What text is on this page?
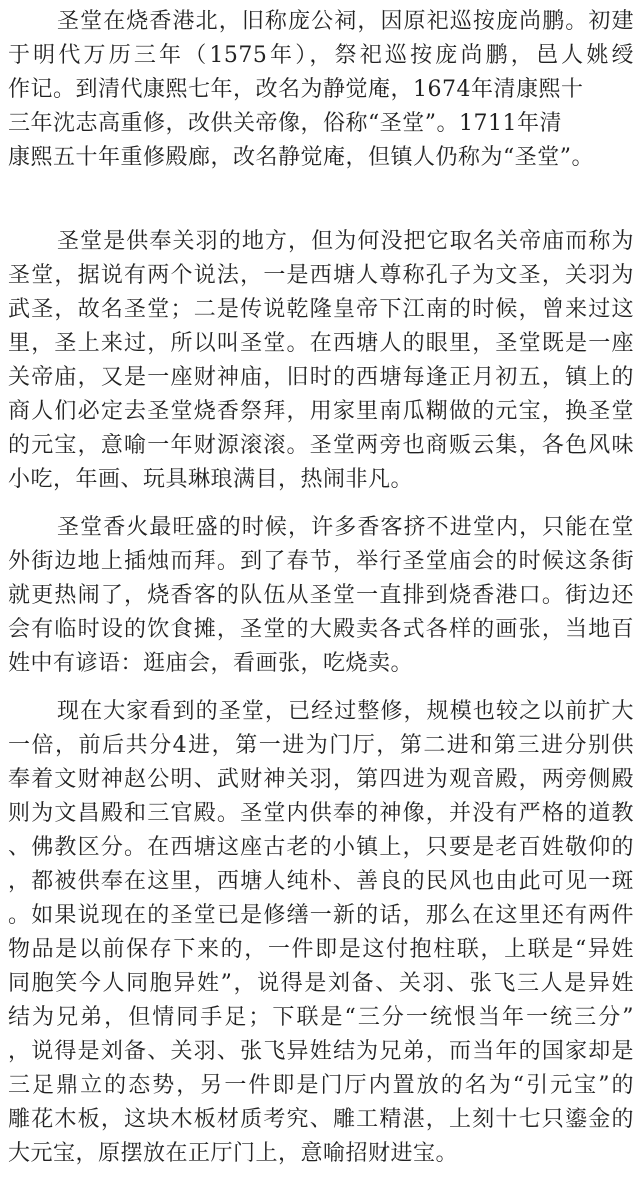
圣堂在烧香港北，旧称庞公祠，因原祀巡按庞尚鹏。初建
于明代万历三年（1575年），祭祀巡按庞尚鹏，邑人姚绶
作记。到清代康熙七年，改名为静觉庵，1674年清康熙十
三年沈志高重修，改供关帝像，俗称“圣堂”。1711年清
康熙五十年重修殿廊，改名静觉庵，但镇人仍称为“圣堂”。
圣堂是供奉关羽的地方，但为何没把它取名关帝庙而称为
圣堂，据说有两个说法，一是西塘人尊称孔子为文圣，关羽为
武圣，故名圣堂；二是传说乾隆皇帝下江南的时候，曾来过这
里，圣上来过，所以叫圣堂。在西塘人的眼里，圣堂既是一座
关帝庙，又是一座财神庙，旧时的西塘每逢正月初五，镇上的
商人们必定去圣堂烧香祭拜，用家里南瓜糊做的元宝，换圣堂
的元宝，意喻一年财源滚滚。圣堂两旁也商贩云集，各色风味
小吃，年画、玩具琳琅满目，热闹非凡。
圣堂香火最旺盛的时候，许多香客挤不进堂内，只能在堂
外街边地上插烛而拜。到了春节，举行圣堂庙会的时候这条街
就更热闹了，烧香客的队伍从圣堂一直排到烧香港口。街边还
会有临时设的饮食摊，圣堂的大殿卖各式各样的画张，当地百
姓中有谚语：逛庙会，看画张，吃烧卖。
现在大家看到的圣堂，已经过整修，规模也较之以前扩大
一倍，前后共分4进，第一进为门厅，第二进和第三进分别供
奉着文财神赵公明、武财神关羽，第四进为观音殿，两旁侧殿
则为文昌殿和三官殿。圣堂内供奉的神像，并没有严格的道教
、佛教区分。在西塘这座古老的小镇上，只要是老百姓敬仰的
，都被供奉在这里，西塘人纯朴、善良的民风也由此可见一斑
。如果说现在的圣堂已是修缮一新的话，那么在这里还有两件
物品是以前保存下来的，一件即是这付抱柱联，上联是“异姓
同胞笑今人同胞异姓”，说得是刘备、关羽、张飞三人是异姓
结为兄弟，但情同手足；下联是“三分一统恨当年一统三分”
，说得是刘备、关羽、张飞异姓结为兄弟，而当年的国家却是
三足鼎立的态势，另一件即是门厅内置放的名为“引元宝”的
雕花木板，这块木板材质考究、雕工精湛，上刻十七只鎏金的
大元宝，原摆放在正厅门上，意喻招财进宝。
